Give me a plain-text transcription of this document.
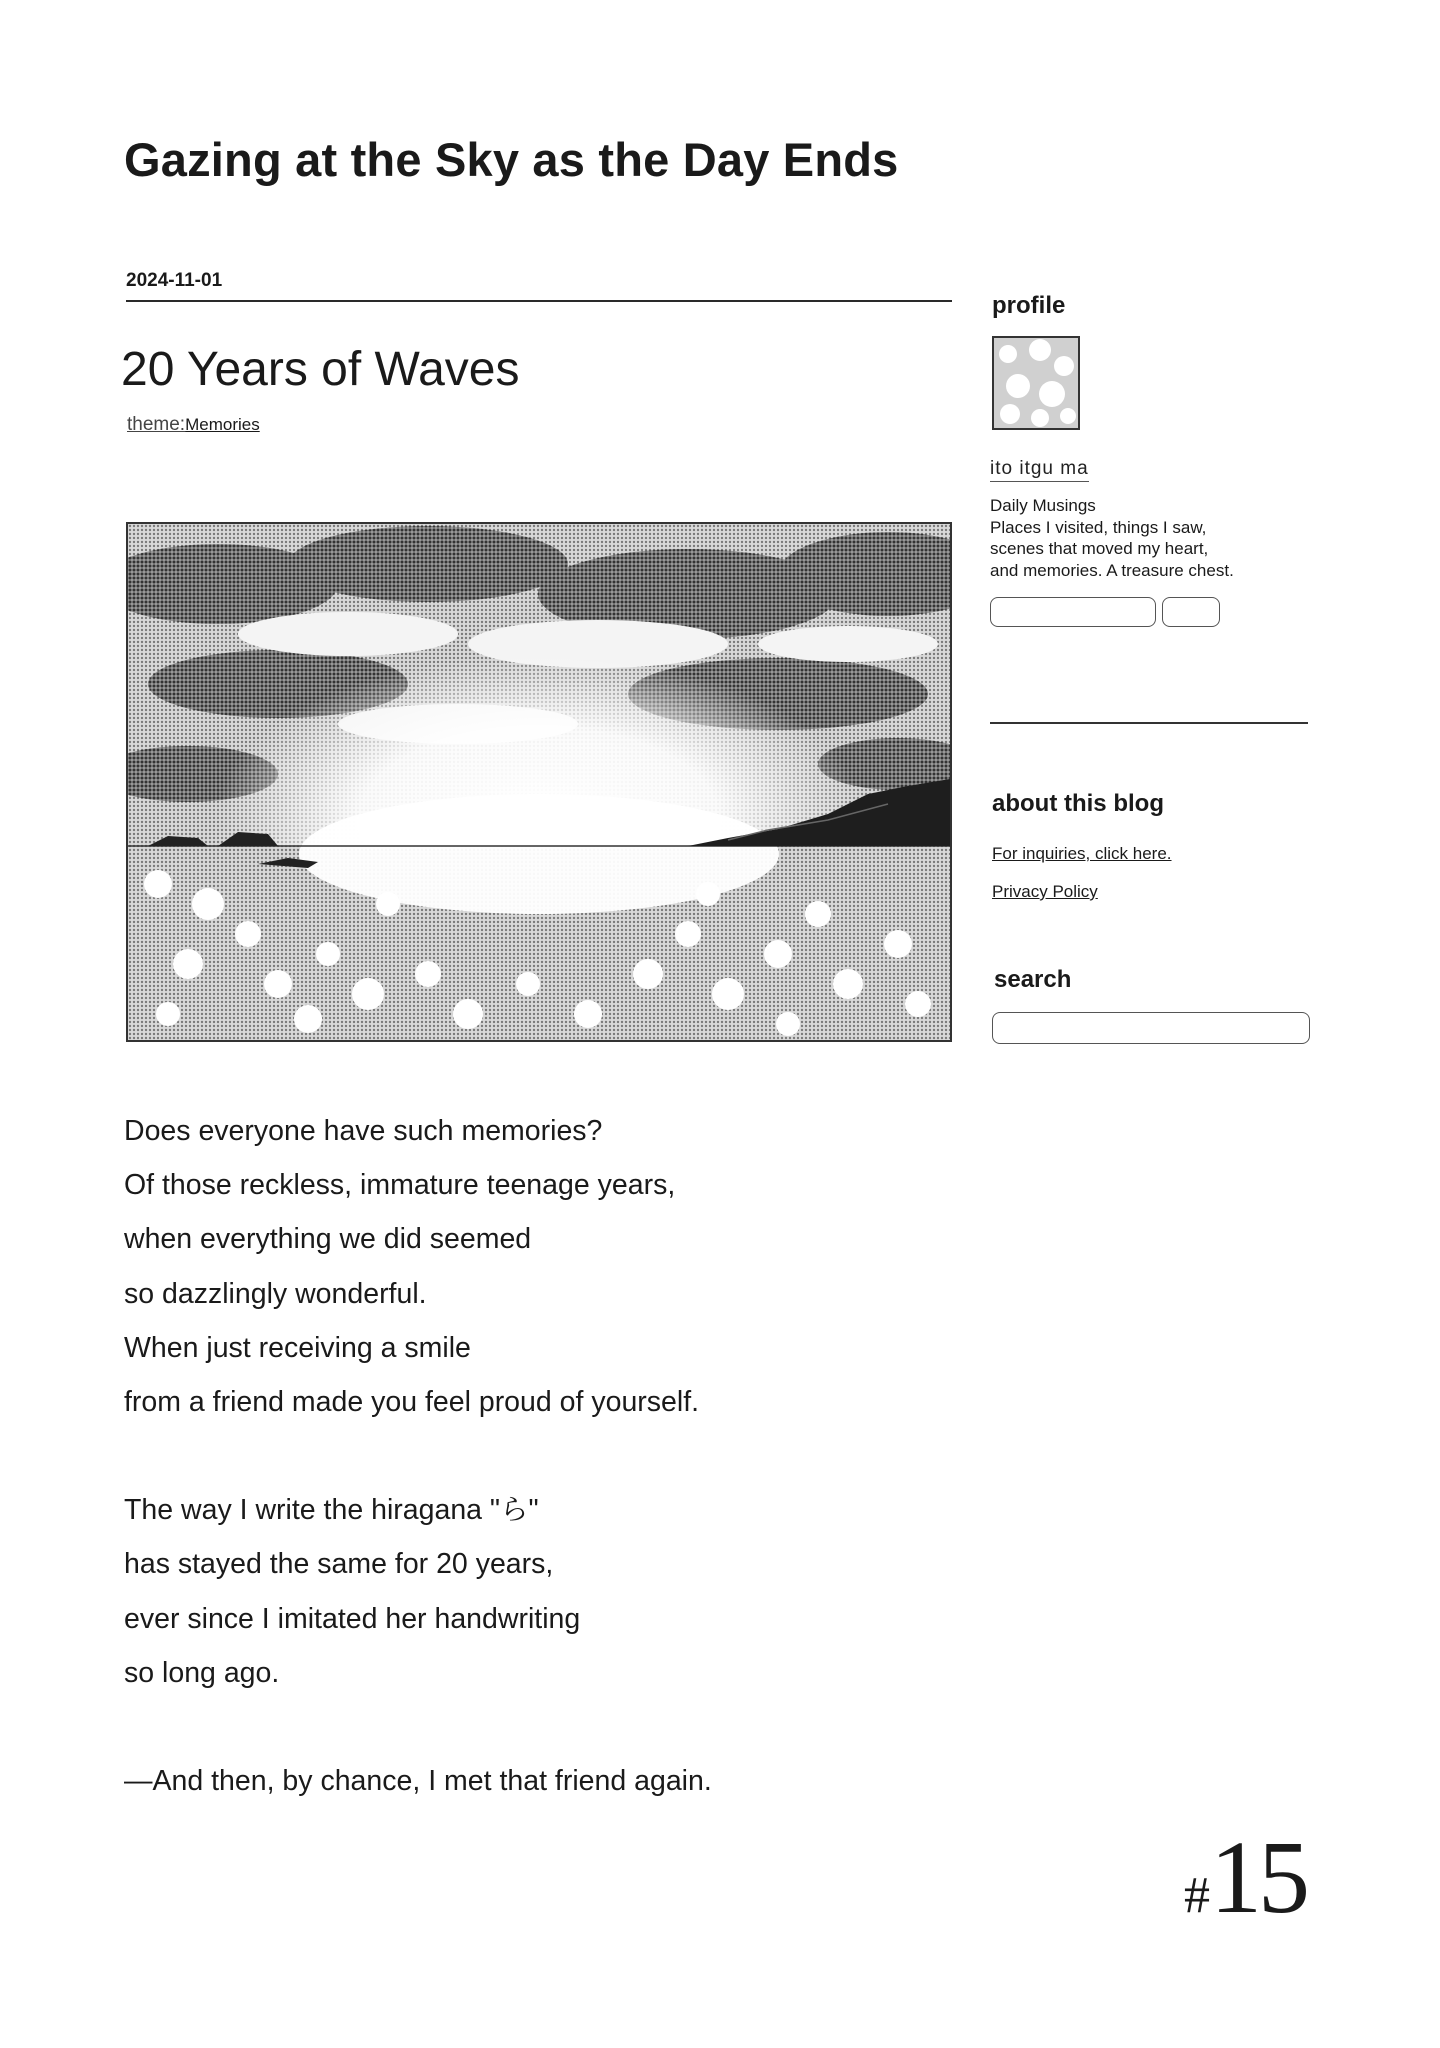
Gazing at the Sky as the Day Ends
2024-11-01
20 Years of Waves
theme:Memories

Does everyone have such memories?

Of those reckless, immature teenage years,

when everything we did seemed

so dazzlingly wonderful.

When just receiving a smile

from a friend made you feel proud of yourself.

The way I write the hiragana "ら"

has stayed the same for 20 years,

ever since I imitated her handwriting

so long ago.

—And then, by chance, I met that friend again.

profile
ito itgu ma
Daily Musings
Places I visited, things I saw,
scenes that moved my heart,
and memories. A treasure chest.
about this blog
For inquiries, click here.
Privacy Policy
search
#15
